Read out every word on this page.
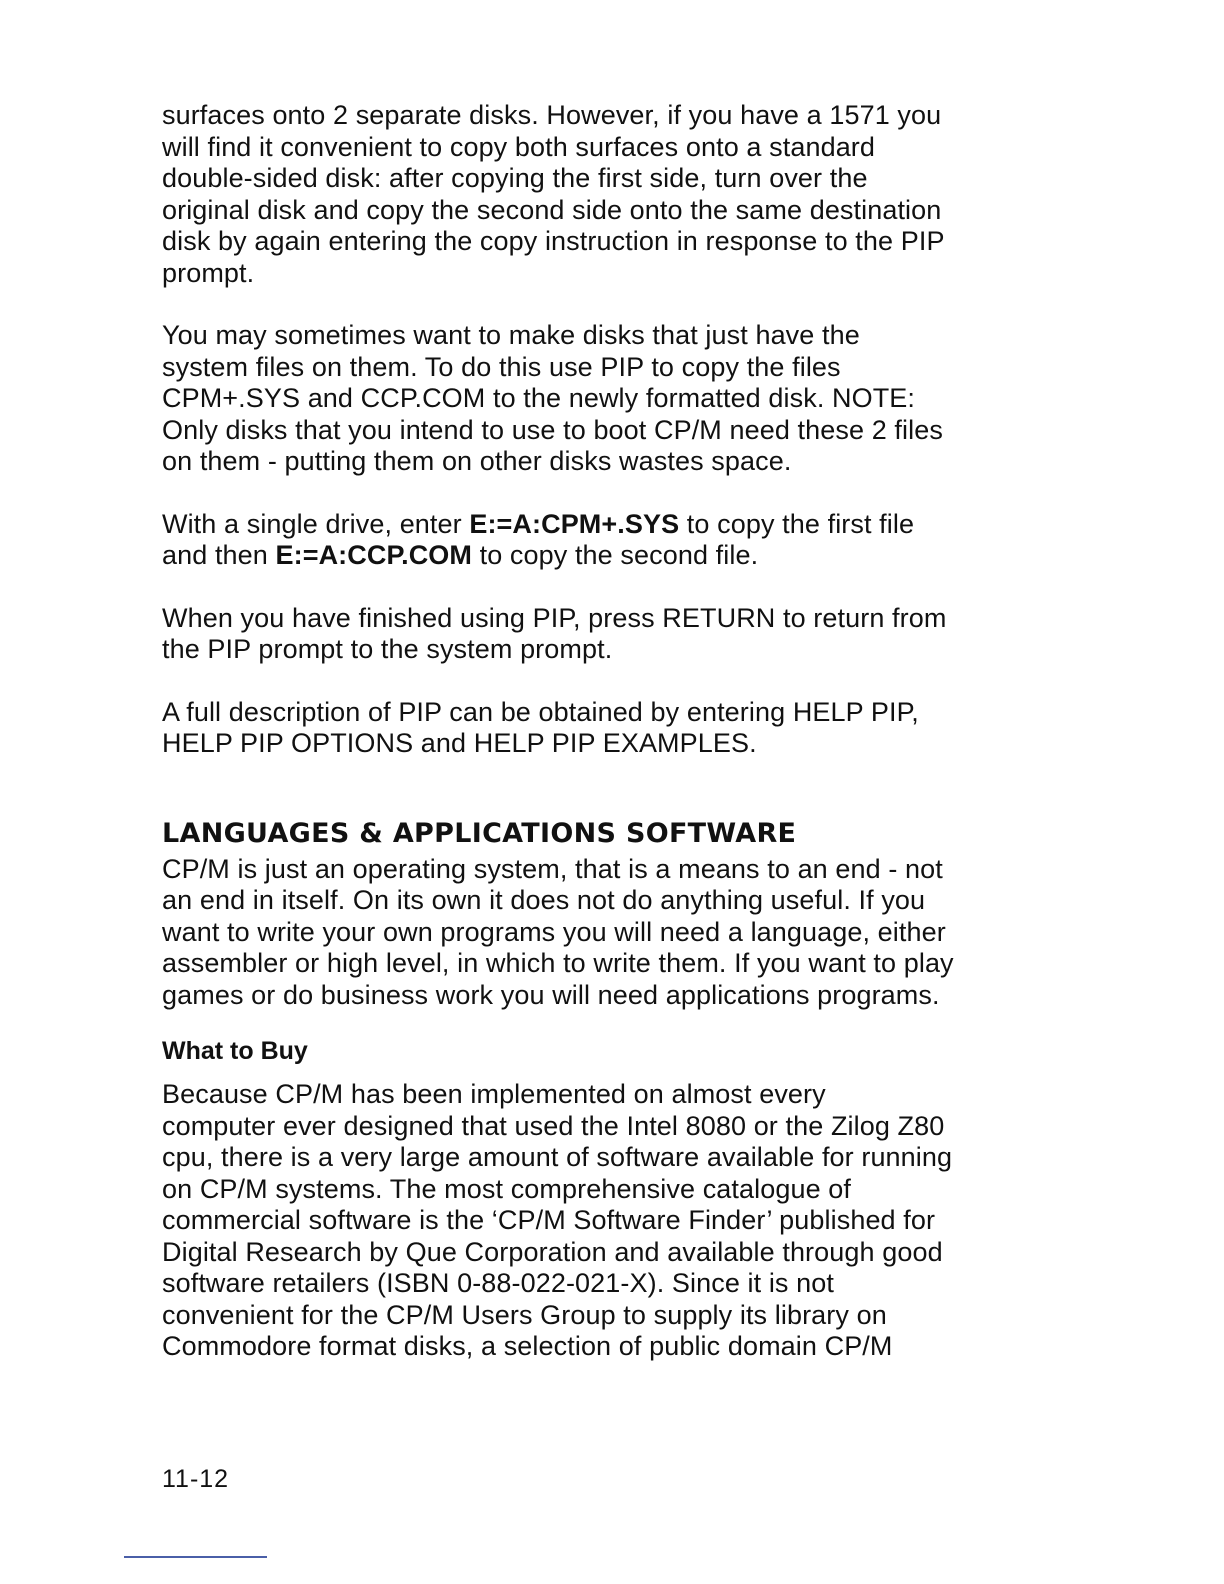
surfaces onto 2 separate disks. However, if you have a 1571 you
will find it convenient to copy both surfaces onto a standard
double-sided disk: after copying the first side, turn over the
original disk and copy the second side onto the same destination
disk by again entering the copy instruction in response to the PIP
prompt.

You may sometimes want to make disks that just have the
system files on them. To do this use PIP to copy the files
CPM+.SYS and CCP.COM to the newly formatted disk. NOTE:
Only disks that you intend to use to boot CP/M need these 2 files
on them - putting them on other disks wastes space.

With a single drive, enter E:=A:CPM+.SYS to copy the first file
and then E:=A:CCP.COM to copy the second file.

When you have finished using PIP, press RETURN to return from
the PIP prompt to the system prompt.

A full description of PIP can be obtained by entering HELP PIP,
HELP PIP OPTIONS and HELP PIP EXAMPLES.

LANGUAGES & APPLICATIONS SOFTWARE

CP/M is just an operating system, that is a means to an end - not
an end in itself. On its own it does not do anything useful. If you
want to write your own programs you will need a language, either
assembler or high level, in which to write them. If you want to play
games or do business work you will need applications programs.

What to Buy

Because CP/M has been implemented on almost every
computer ever designed that used the Intel 8080 or the Zilog Z80
cpu, there is a very large amount of software available for running
on CP/M systems. The most comprehensive catalogue of
commercial software is the ‘CP/M Software Finder’ published for
Digital Research by Que Corporation and available through good
software retailers (ISBN 0-88-022-021-X). Since it is not
convenient for the CP/M Users Group to supply its library on
Commodore format disks, a selection of public domain CP/M

11-12
